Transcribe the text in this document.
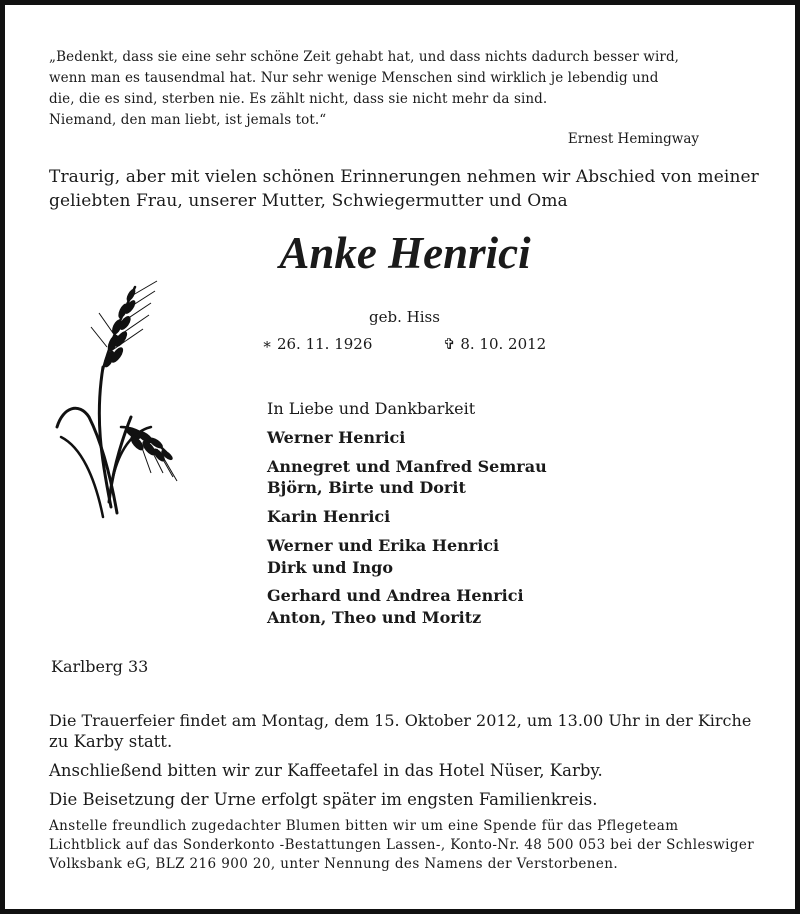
„Bedenkt, dass sie eine sehr schöne Zeit gehabt hat, und dass nichts dadurch besser wird,
wenn man es tausendmal hat. Nur sehr wenige Menschen sind wirklich je lebendig und
die, die es sind, sterben nie. Es zählt nicht, dass sie nicht mehr da sind.
Niemand, den man liebt, ist jemals tot.“
Ernest Hemingway
Traurig, aber mit vielen schönen Erinnerungen nehmen wir Abschied von meiner
geliebten Frau, unserer Mutter, Schwiegermutter und Oma
Anke Henrici
geb. Hiss
∗ 26. 11. 1926	✞ 8. 10. 2012
In Liebe und Dankbarkeit
Werner Henrici
Annegret und Manfred Semrau
Björn, Birte und Dorit
Karin Henrici
Werner und Erika Henrici
Dirk und Ingo
Gerhard und Andrea Henrici
Anton, Theo und Moritz
Karlberg 33
Die Trauerfeier findet am Montag, dem 15. Oktober 2012, um 13.00 Uhr in der Kirche
zu Karby statt.
Anschließend bitten wir zur Kaffeetafel in das Hotel Nüser, Karby.
Die Beisetzung der Urne erfolgt später im engsten Familienkreis.
Anstelle freundlich zugedachter Blumen bitten wir um eine Spende für das Pflegeteam
Lichtblick auf das Sonderkonto -Bestattungen Lassen-, Konto-Nr. 48 500 053 bei der Schleswiger
Volksbank eG, BLZ 216 900 20, unter Nennung des Namens der Verstorbenen.
